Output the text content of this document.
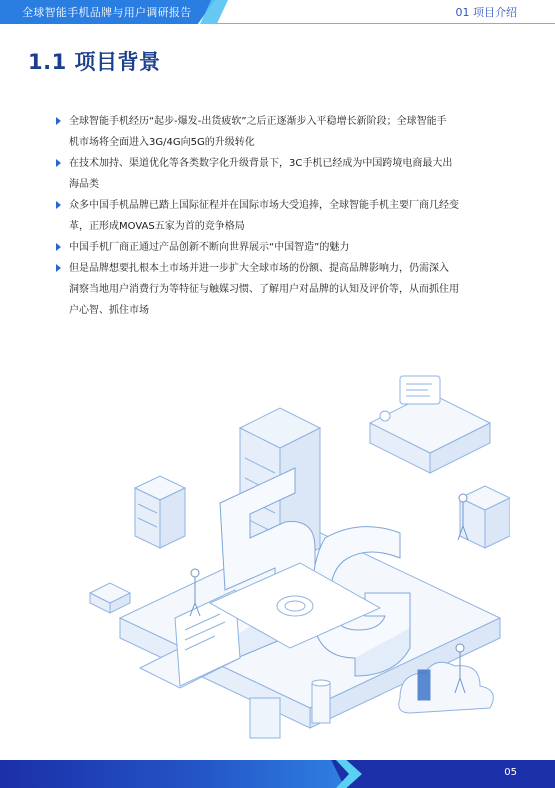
全球智能手机品牌与用户调研报告	01 项目介绍
1.1 项目背景
全球智能手机经历“起步-爆发-出货疲软”之后正逐渐步入平稳增长新阶段；全球智能手
机市场将全面进入3G/4G向5G的升级转化
在技术加持、渠道优化等各类数字化升级背景下，3C手机已经成为中国跨境电商最大出
海品类
众多中国手机品牌已踏上国际征程并在国际市场大受追捧，全球智能手机主要厂商几经变
革，正形成MOVAS五家为首的竞争格局
中国手机厂商正通过产品创新不断向世界展示“中国智造”的魅力
但是品牌想要扎根本土市场并进一步扩大全球市场的份额、提高品牌影响力，仍需深入
洞察当地用户消费行为等特征与触媒习惯、了解用户对品牌的认知及评价等，从而抓住用
户心智、抓住市场
05
